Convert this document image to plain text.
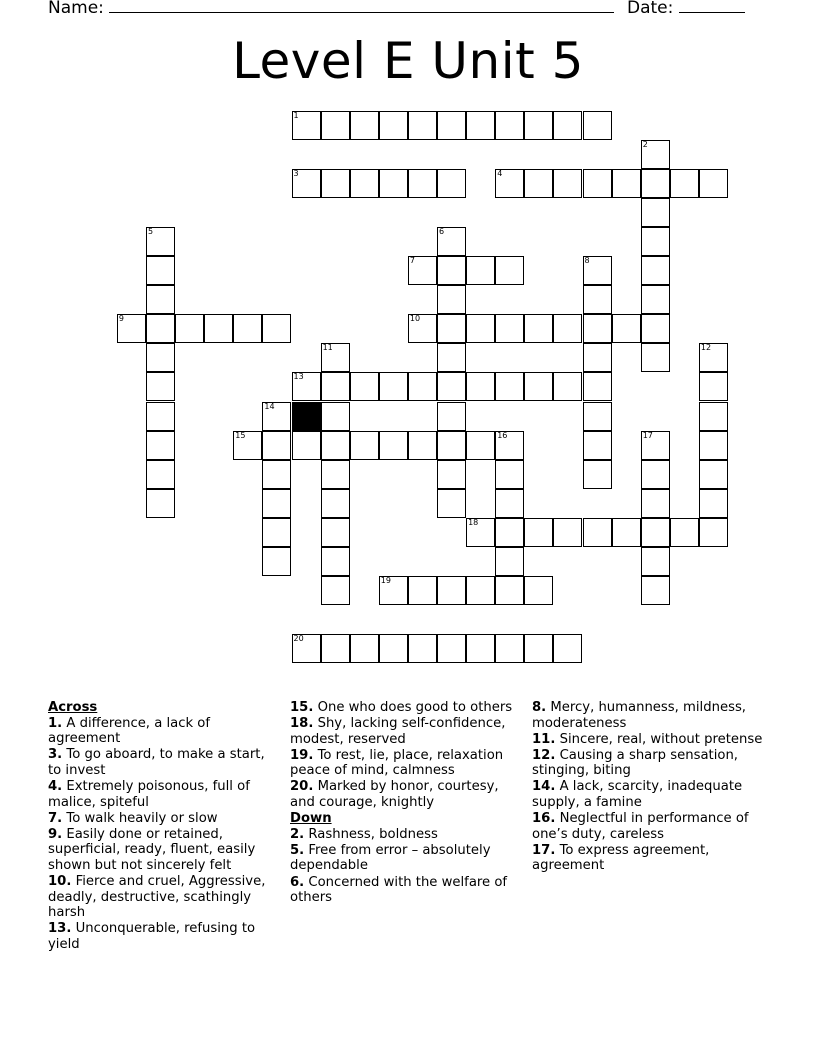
Name:	Date:
Level E Unit 5
1
2
3	4
5	6
7	8
9	10
11	12
13
14
15	16	17
18
19
20
Across
1. A difference, a lack of agreement
3. To go aboard, to make a start, to invest
4. Extremely poisonous, full of malice, spiteful
7. To walk heavily or slow
9. Easily done or retained, superficial, ready, fluent, easily shown but not sincerely felt
10. Fierce and cruel, Aggressive, deadly, destructive, scathingly harsh
13. Unconquerable, refusing to yield
15. One who does good to others
18. Shy, lacking self-confidence, modest, reserved
19. To rest, lie, place, relaxation peace of mind, calmness
20. Marked by honor, courtesy, and courage, knightly
Down
2. Rashness, boldness
5. Free from error – absolutely dependable
6. Concerned with the welfare of others
8. Mercy, humanness, mildness, moderateness
11. Sincere, real, without pretense
12. Causing a sharp sensation, stinging, biting
14. A lack, scarcity, inadequate supply, a famine
16. Neglectful in performance of one’s duty, careless
17. To express agreement, agreement
